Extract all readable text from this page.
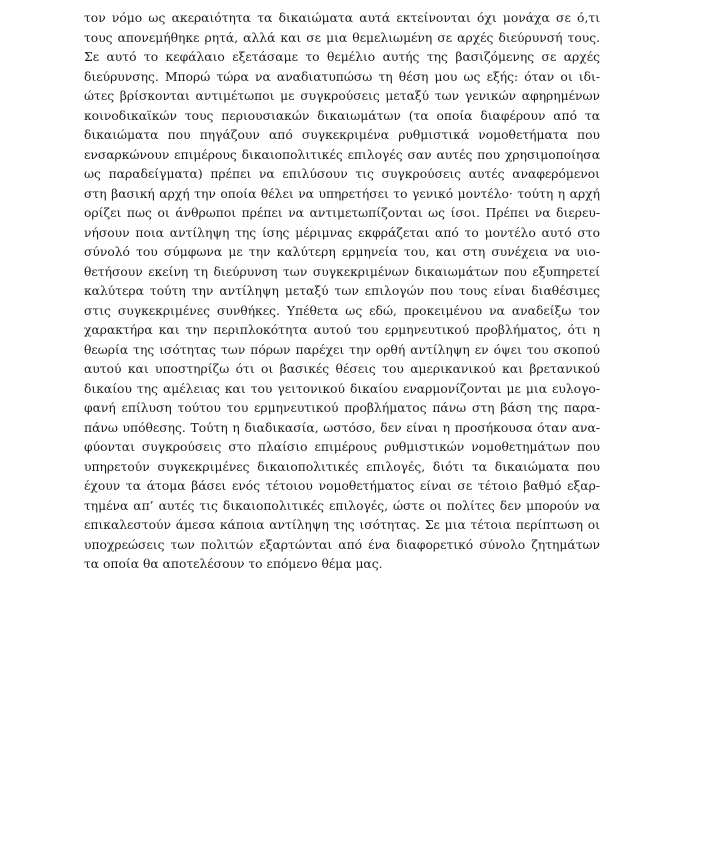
τον νόμο ως ακεραιότητα τα δικαιώματα αυτά εκτείνονται όχι μονάχα σε ό,τι
τους απονεμήθηκε ρητά, αλλά και σε μια θεμελιωμένη σε αρχές διεύρυνσή τους.
Σε αυτό το κεφάλαιο εξετάσαμε το θεμέλιο αυτής της βασιζόμενης σε αρχές
διεύρυνσης. Μπορώ τώρα να αναδιατυπώσω τη θέση μου ως εξής: όταν οι ιδι-
ώτες βρίσκονται αντιμέτωποι με συγκρούσεις μεταξύ των γενικών αφηρημένων
κοινοδικαϊκών τους περιουσιακών δικαιωμάτων (τα οποία διαφέρουν από τα
δικαιώματα που πηγάζουν από συγκεκριμένα ρυθμιστικά νομοθετήματα που
ενσαρκώνουν επιμέρους δικαιοπολιτικές επιλογές σαν αυτές που χρησιμοποίησα
ως παραδείγματα) πρέπει να επιλύσουν τις συγκρούσεις αυτές αναφερόμενοι
στη βασική αρχή την οποία θέλει να υπηρετήσει το γενικό μοντέλο· τούτη η αρχή
ορίζει πως οι άνθρωποι πρέπει να αντιμετωπίζονται ως ίσοι. Πρέπει να διερευ-
νήσουν ποια αντίληψη της ίσης μέριμνας εκφράζεται από το μοντέλο αυτό στο
σύνολό του σύμφωνα με την καλύτερη ερμηνεία του, και στη συνέχεια να υιο-
θετήσουν εκείνη τη διεύρυνση των συγκεκριμένων δικαιωμάτων που εξυπηρετεί
καλύτερα τούτη την αντίληψη μεταξύ των επιλογών που τους είναι διαθέσιμες
στις συγκεκριμένες συνθήκες. Υπέθετα ως εδώ, προκειμένου να αναδείξω τον
χαρακτήρα και την περιπλοκότητα αυτού του ερμηνευτικού προβλήματος, ότι η
θεωρία της ισότητας των πόρων παρέχει την ορθή αντίληψη εν όψει του σκοπού
αυτού και υποστηρίζω ότι οι βασικές θέσεις του αμερικανικού και βρετανικού
δικαίου της αμέλειας και του γειτονικού δικαίου εναρμονίζονται με μια ευλογο-
φανή επίλυση τούτου του ερμηνευτικού προβλήματος πάνω στη βάση της παρα-
πάνω υπόθεσης. Τούτη η διαδικασία, ωστόσο, δεν είναι η προσήκουσα όταν ανα-
φύονται συγκρούσεις στο πλαίσιο επιμέρους ρυθμιστικών νομοθετημάτων που
υπηρετούν συγκεκριμένες δικαιοπολιτικές επιλογές, διότι τα δικαιώματα που
έχουν τα άτομα βάσει ενός τέτοιου νομοθετήματος είναι σε τέτοιο βαθμό εξαρ-
τημένα απ’ αυτές τις δικαιοπολιτικές επιλογές, ώστε οι πολίτες δεν μπορούν να
επικαλεστούν άμεσα κάποια αντίληψη της ισότητας. Σε μια τέτοια περίπτωση οι
υποχρεώσεις των πολιτών εξαρτώνται από ένα διαφορετικό σύνολο ζητημάτων
τα οποία θα αποτελέσουν το επόμενο θέμα μας.
